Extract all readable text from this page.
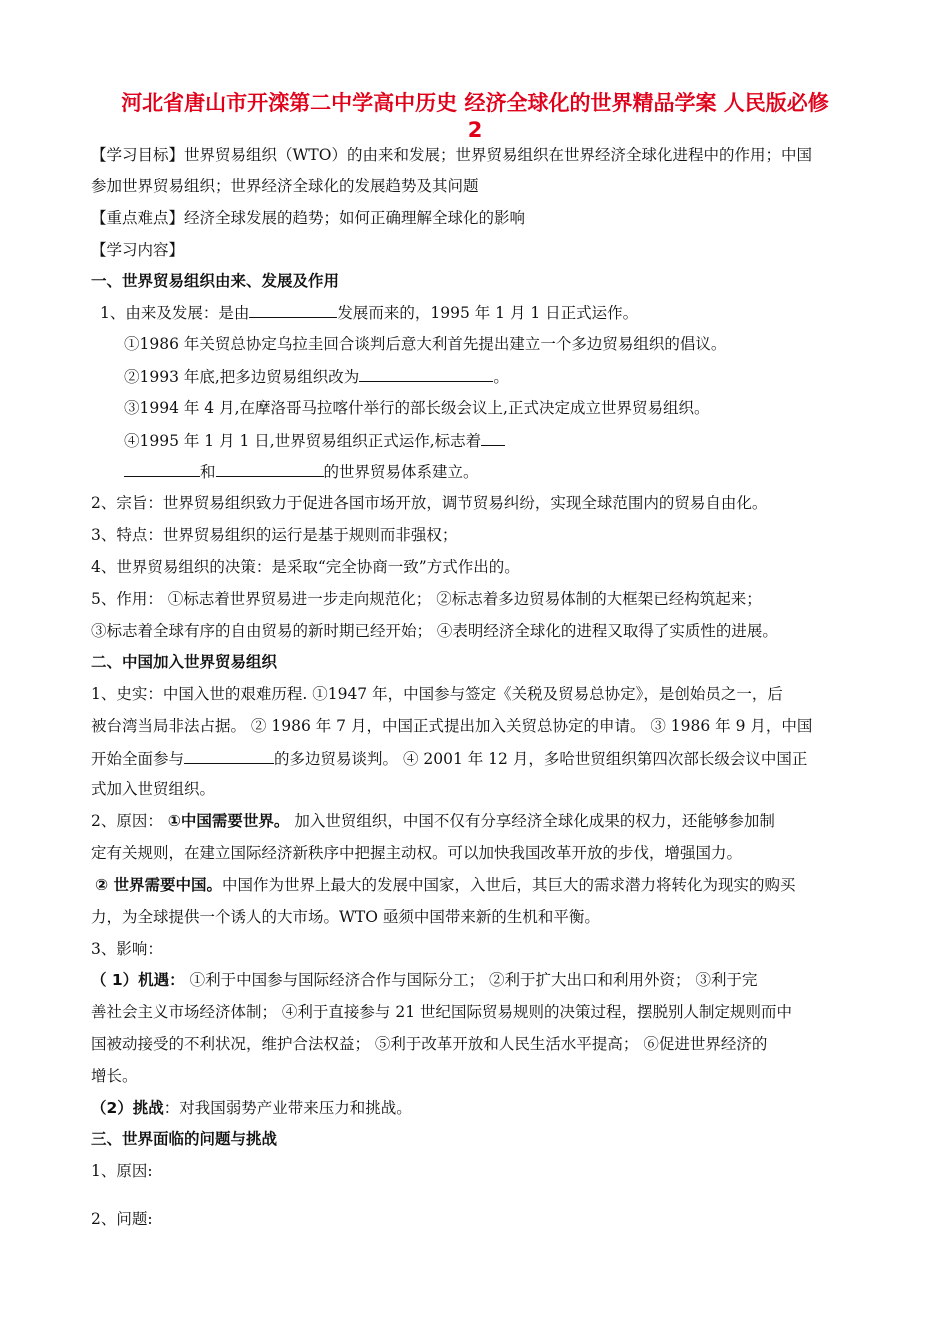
河北省唐山市开滦第二中学高中历史 经济全球化的世界精品学案 人民版必修
2
【学习目标】世界贸易组织（WTO）的由来和发展；世界贸易组织在世界经济全球化进程中的作用；中国
参加世界贸易组织；世界经济全球化的发展趋势及其问题
【重点难点】经济全球发展的趋势；如何正确理解全球化的影响
【学习内容】
一、世界贸易组织由来、发展及作用
1、由来及发展：是由	发展而来的，1995 年 1 月 1 日正式运作。
①1986 年关贸总协定乌拉圭回合谈判后意大利首先提出建立一个多边贸易组织的倡议。
②1993 年底,把多边贸易组织改为	。
③1994 年 4 月,在摩洛哥马拉喀什举行的部长级会议上,正式决定成立世界贸易组织。
④1995 年 1 月 1 日,世界贸易组织正式运作,标志着
和	的世界贸易体系建立。
2、宗旨：世界贸易组织致力于促进各国市场开放，调节贸易纠纷，实现全球范围内的贸易自由化。
3、特点：世界贸易组织的运行是基于规则而非强权；
4、世界贸易组织的决策：是采取“完全协商一致”方式作出的。
5、作用： ①标志着世界贸易进一步走向规范化； ②标志着多边贸易体制的大框架已经构筑起来；
③标志着全球有序的自由贸易的新时期已经开始； ④表明经济全球化的进程又取得了实质性的进展。
二、中国加入世界贸易组织
1、史实：中国入世的艰难历程. ①1947 年，中国参与签定《关税及贸易总协定》，是创始员之一，后
被台湾当局非法占据。 ② 1986 年 7 月，中国正式提出加入关贸总协定的申请。 ③ 1986 年 9 月，中国
开始全面参与	的多边贸易谈判。 ④ 2001 年 12 月，多哈世贸组织第四次部长级会议中国正
式加入世贸组织。
2、原因： ①中国需要世界。 加入世贸组织，中国不仅有分享经济全球化成果的权力，还能够参加制
定有关规则，在建立国际经济新秩序中把握主动权。可以加快我国改革开放的步伐，增强国力。
② 世界需要中国。中国作为世界上最大的发展中国家，入世后，其巨大的需求潜力将转化为现实的购买
力，为全球提供一个诱人的大市场。WTO 亟须中国带来新的生机和平衡。
3、影响：
（ 1）机遇： ①利于中国参与国际经济合作与国际分工； ②利于扩大出口和利用外资； ③利于完
善社会主义市场经济体制； ④利于直接参与 21 世纪国际贸易规则的决策过程，摆脱别人制定规则而中
国被动接受的不利状况，维护合法权益； ⑤利于改革开放和人民生活水平提高； ⑥促进世界经济的
增长。
（2）挑战：对我国弱势产业带来压力和挑战。
三、世界面临的问题与挑战
1、原因:
2、问题:
